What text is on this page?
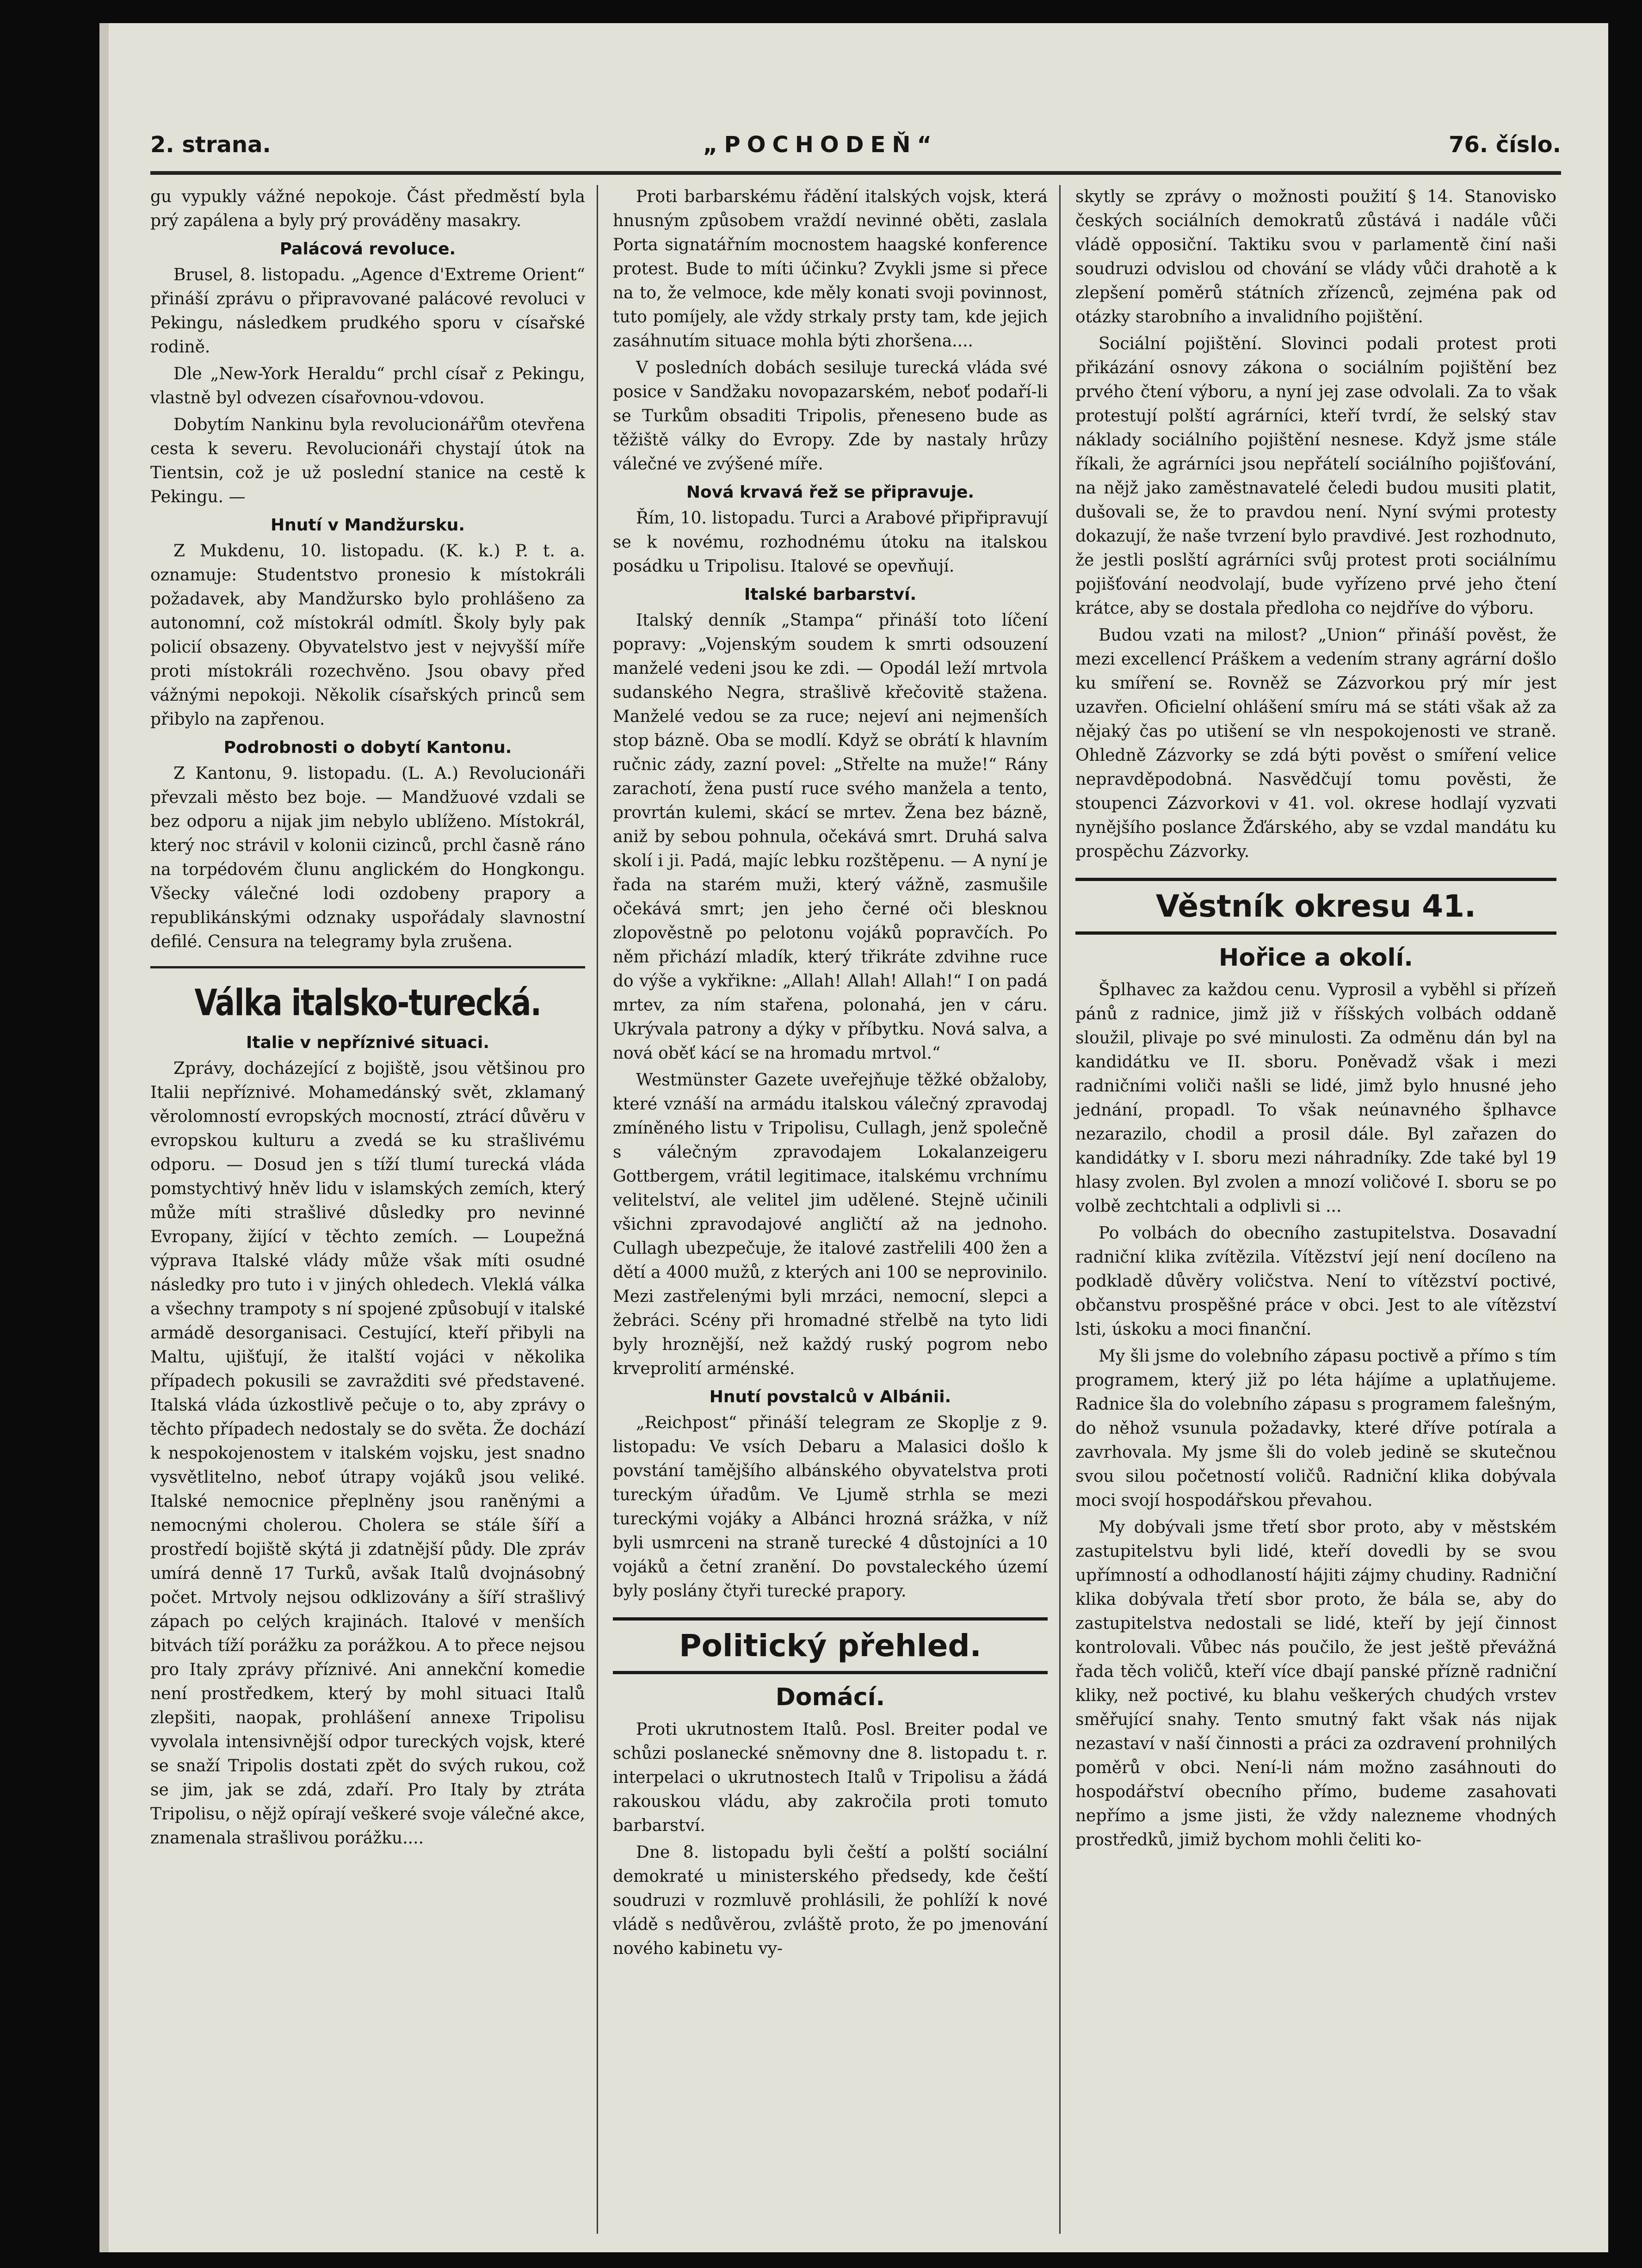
2. strana.	„POCHODEŇ“	76. číslo.

gu vypukly vážné nepokoje. Část předměstí byla prý zapálena a byly prý prováděny masakry.

Palácová revoluce.

Brusel, 8. listopadu. „Agence d'Extreme Orient“ přináší zprávu o připravované palácové revoluci v Pekingu, následkem prudkého sporu v císařské rodině.

Dle „New-York Heraldu“ prchl císař z Pekingu, vlastně byl odvezen císařovnou-vdovou.

Dobytím Nankinu byla revolucionářům otevřena cesta k severu. Revolucionáři chystají útok na Tientsin, což je už poslední stanice na cestě k Pekingu. —

Hnutí v Mandžursku.

Z Mukdenu, 10. listopadu. (K. k.) P. t. a. oznamuje: Studentstvo pronesio k místokráli požadavek, aby Mandžursko bylo prohlášeno za autonomní, což místokrál odmítl. Školy byly pak policií obsazeny. Obyvatelstvo jest v nejvyšší míře proti místokráli rozechvěno. Jsou obavy před vážnými nepokoji. Několik císařských princů sem přibylo na zapřenou.

Podrobnosti o dobytí Kantonu.

Z Kantonu, 9. listopadu. (L. A.) Revolucionáři převzali město bez boje. — Mandžuové vzdali se bez odporu a nijak jim nebylo ublíženo. Místokrál, který noc strávil v kolonii cizinců, prchl časně ráno na torpédovém člunu anglickém do Hongkongu. Všecky válečné lodi ozdobeny prapory a republikánskými odznaky uspořádaly slavnostní defilé. Censura na telegramy byla zrušena.

Válka italsko-turecká.
Italie v nepříznivé situaci.

Zprávy, docházející z bojiště, jsou většinou pro Italii nepříznivé. Mohamedánský svět, zklamaný věrolomností evropských mocností, ztrácí důvěru v evropskou kulturu a zvedá se ku strašlivému odporu. — Dosud jen s tíží tlumí turecká vláda pomstychtivý hněv lidu v islamských zemích, který může míti strašlivé důsledky pro nevinné Evropany, žijící v těchto zemích. — Loupežná výprava Italské vlády může však míti osudné následky pro tuto i v jiných ohledech. Vleklá válka a všechny trampoty s ní spojené způsobují v italské armádě desorganisaci. Cestující, kteří přibyli na Maltu, ujišťují, že italští vojáci v několika případech pokusili se zavražditi své představené. Italská vláda úzkostlivě pečuje o to, aby zprávy o těchto případech nedostaly se do světa. Že dochází k nespokojenostem v italském vojsku, jest snadno vysvětlitelno, neboť útrapy vojáků jsou veliké. Italské nemocnice přeplněny jsou raněnými a nemocnými cholerou. Cholera se stále šíří a prostředí bojiště skýtá ji zdatnější půdy. Dle zpráv umírá denně 17 Turků, avšak Italů dvojnásobný počet. Mrtvoly nejsou odklizovány a šíří strašlivý zápach po celých krajinách. Italové v menších bitvách tíží porážku za porážkou. A to přece nejsou pro Italy zprávy příznivé. Ani annekční komedie není prostředkem, který by mohl situaci Italů zlepšiti, naopak, prohlášení annexe Tripolisu vyvolala intensivnější odpor tureckých vojsk, které se snaží Tripolis dostati zpět do svých rukou, což se jim, jak se zdá, zdaří. Pro Italy by ztráta Tripolisu, o nějž opírají veškeré svoje válečné akce, znamenala strašlivou porážku....

Proti barbarskému řádění italských vojsk, která hnusným způsobem vraždí nevinné oběti, zaslala Porta signatářním mocnostem haagské konference protest. Bude to míti účinku? Zvykli jsme si přece na to, že velmoce, kde měly konati svoji povinnost, tuto pomíjely, ale vždy strkaly prsty tam, kde jejich zasáhnutím situace mohla býti zhoršena....

V posledních dobách sesiluje turecká vláda své posice v Sandžaku novopazarském, neboť podaří-li se Turkům obsaditi Tripolis, přeneseno bude as těžiště války do Evropy. Zde by nastaly hrůzy válečné ve zvýšené míře.

Nová krvavá řež se připravuje.

Řím, 10. listopadu. Turci a Arabové připřipravují se k novému, rozhodnému útoku na italskou posádku u Tripolisu. Italové se opevňují.

Italské barbarství.

Italský denník „Stampa“ přináší toto líčení popravy: „Vojenským soudem k smrti odsouzení manželé vedeni jsou ke zdi. — Opodál leží mrtvola sudanského Negra, strašlivě křečovitě stažena. Manželé vedou se za ruce; nejeví ani nejmenších stop bázně. Oba se modlí. Když se obrátí k hlavním ručnic zády, zazní povel: „Střelte na muže!“ Rány zarachotí, žena pustí ruce svého manžela a tento, provrtán kulemi, skácí se mrtev. Žena bez bázně, aniž by sebou pohnula, očekává smrt. Druhá salva skolí i ji. Padá, majíc lebku rozštěpenu. — A nyní je řada na starém muži, který vážně, zasmušile očekává smrt; jen jeho černé oči blesknou zlopověstně po pelotonu vojáků popravčích. Po něm přichází mladík, který třikráte zdvihne ruce do výše a vykřikne: „Allah! Allah! Allah!“ I on padá mrtev, za ním stařena, polonahá, jen v cáru. Ukrývala patrony a dýky v příbytku. Nová salva, a nová oběť kácí se na hromadu mrtvol.“

Westmünster Gazete uveřejňuje těžké obžaloby, které vznáší na armádu italskou válečný zpravodaj zmíněného listu v Tripolisu, Cullagh, jenž společně s válečným zpravodajem Lokalanzeigeru Gottbergem, vrátil legitimace, italskému vrchnímu velitelství, ale velitel jim udělené. Stejně učinili všichni zpravodajové angličtí až na jednoho. Cullagh ubezpečuje, že italové zastřelili 400 žen a dětí a 4000 mužů, z kterých ani 100 se neprovinilo. Mezi zastřelenými byli mrzáci, nemocní, slepci a žebráci. Scény při hromadné střelbě na tyto lidi byly hroznější, než každý ruský pogrom nebo krveprolití arménské.

Hnutí povstalců v Albánii.

„Reichpost“ přináší telegram ze Skoplje z 9. listopadu: Ve vsích Debaru a Malasici došlo k povstání tamějšího albánského obyvatelstva proti tureckým úřadům. Ve Ljumě strhla se mezi tureckými vojáky a Albánci hrozná srážka, v níž byli usmrceni na straně turecké 4 důstojníci a 10 vojáků a četní zranění. Do povstaleckého území byly poslány čtyři turecké prapory.

Politický přehled.
Domácí.

Proti ukrutnostem Italů. Posl. Breiter podal ve schůzi poslanecké sněmovny dne 8. listopadu t. r. interpelaci o ukrutnostech Italů v Tripolisu a žádá rakouskou vládu, aby zakročila proti tomuto barbarství.

Dne 8. listopadu byli čeští a polští sociální demokraté u ministerského předsedy, kde čeští soudruzi v rozmluvě prohlásili, že pohlíží k nové vládě s nedůvěrou, zvláště proto, že po jmenování nového kabinetu vy-

skytly se zprávy o možnosti použití § 14. Stanovisko českých sociálních demokratů zůstává i nadále vůči vládě opposiční. Taktiku svou v parlamentě činí naši soudruzi odvislou od chování se vlády vůči drahotě a k zlepšení poměrů státních zřízenců, zejména pak od otázky starobního a invalidního pojištění.

Sociální pojištění. Slovinci podali protest proti přikázání osnovy zákona o sociálním pojištění bez prvého čtení výboru, a nyní jej zase odvolali. Za to však protestují polští agrárníci, kteří tvrdí, že selský stav náklady sociálního pojištění nesnese. Když jsme stále říkali, že agrárníci jsou nepřátelí sociálního pojišťování, na nějž jako zaměstnavatelé čeledi budou musiti platit, dušovali se, že to pravdou není. Nyní svými protesty dokazují, že naše tvrzení bylo pravdivé. Jest rozhodnuto, že jestli poslští agrárníci svůj protest proti sociálnímu pojišťování neodvolají, bude vyřízeno prvé jeho čtení krátce, aby se dostala předloha co nejdříve do výboru.

Budou vzati na milost? „Union“ přináší pověst, že mezi excellencí Práškem a vedením strany agrární došlo ku smíření se. Rovněž se Zázvorkou prý mír jest uzavřen. Oficielní ohlášení smíru má se státi však až za nějaký čas po utišení se vln nespokojenosti ve straně. Ohledně Zázvorky se zdá býti pověst o smíření velice nepravděpodobná. Nasvědčují tomu pověsti, že stoupenci Zázvorkovi v 41. vol. okrese hodlají vyzvati nynějšího poslance Žďárského, aby se vzdal mandátu ku prospěchu Zázvorky.

Věstník okresu 41.
Hořice a okolí.

Šplhavec za každou cenu. Vyprosil a vyběhl si přízeň pánů z radnice, jimž již v říšských volbách oddaně sloužil, plivaje po své minulosti. Za odměnu dán byl na kandidátku ve II. sboru. Poněvadž však i mezi radničními voliči našli se lidé, jimž bylo hnusné jeho jednání, propadl. To však neúnavného šplhavce nezarazilo, chodil a prosil dále. Byl zařazen do kandidátky v I. sboru mezi náhradníky. Zde také byl 19 hlasy zvolen. Byl zvolen a mnozí voličové I. sboru se po volbě zechtchtali a odplivli si ...

Po volbách do obecního zastupitelstva. Dosavadní radniční klika zvítězila. Vítězství její není docíleno na podkladě důvěry voličstva. Není to vítězství poctivé, občanstvu prospěšné práce v obci. Jest to ale vítězství lsti, úskoku a moci finanční.

My šli jsme do volebního zápasu poctivě a přímo s tím programem, který již po léta hájíme a uplatňujeme. Radnice šla do volebního zápasu s programem falešným, do něhož vsunula požadavky, které dříve potírala a zavrhovala. My jsme šli do voleb jedině se skutečnou svou silou početností voličů. Radniční klika dobývala moci svojí hospodářskou převahou.

My dobývali jsme třetí sbor proto, aby v městském zastupitelstvu byli lidé, kteří dovedli by se svou upřímností a odhodlaností hájiti zájmy chudiny. Radniční klika dobývala třetí sbor proto, že bála se, aby do zastupitelstva nedostali se lidé, kteří by její činnost kontrolovali. Vůbec nás poučilo, že jest ještě převážná řada těch voličů, kteří více dbají panské přízně radniční kliky, než poctivé, ku blahu veškerých chudých vrstev směřující snahy. Tento smutný fakt však nás nijak nezastaví v naší činnosti a práci za ozdravení prohnilých poměrů v obci. Není-li nám možno zasáhnouti do hospodářství obecního přímo, budeme zasahovati nepřímo a jsme jisti, že vždy nalezneme vhodných prostředků, jimiž bychom mohli čeliti ko-
